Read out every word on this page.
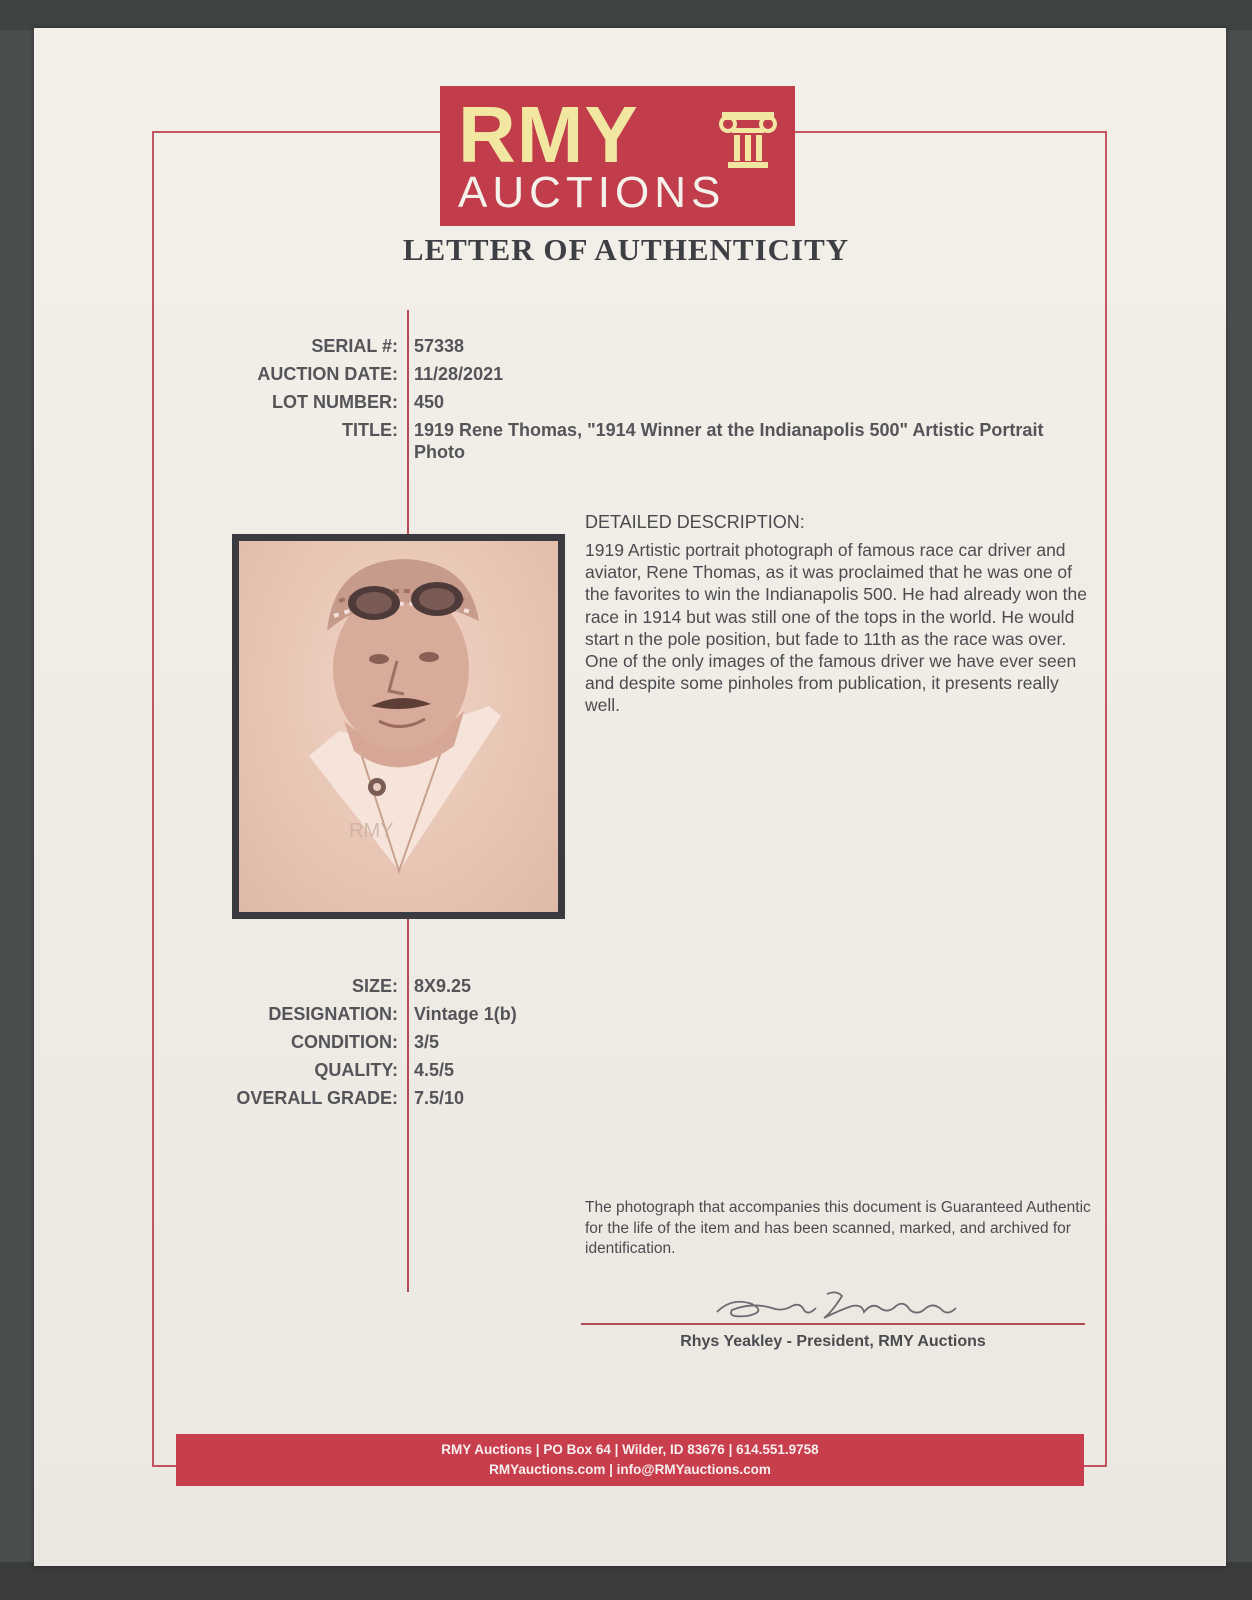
RMY
AUCTIONS
LETTER OF AUTHENTICITY
SERIAL #: 57338
AUCTION DATE: 11/28/2021
LOT NUMBER: 450
TITLE: 1919 Rene Thomas, "1914 Winner at the Indianapolis 500" Artistic Portrait Photo
RMY
DETAILED DESCRIPTION:
1919 Artistic portrait photograph of famous race car driver and aviator, Rene Thomas, as it was proclaimed that he was one of the favorites to win the Indianapolis 500. He had already won the race in 1914 but was still one of the tops in the world. He would start n the pole position, but fade to 11th as the race was over. One of the only images of the famous driver we have ever seen and despite some pinholes from publication, it presents really well.
SIZE: 8X9.25
DESIGNATION: Vintage 1(b)
CONDITION: 3/5
QUALITY: 4.5/5
OVERALL GRADE: 7.5/10
The photograph that accompanies this document is Guaranteed Authentic for the life of the item and has been scanned, marked, and archived for identification.
Rhys Yeakley - President, RMY Auctions
RMY Auctions | PO Box 64 | Wilder, ID 83676 | 614.551.9758
RMYauctions.com | info@RMYauctions.com
